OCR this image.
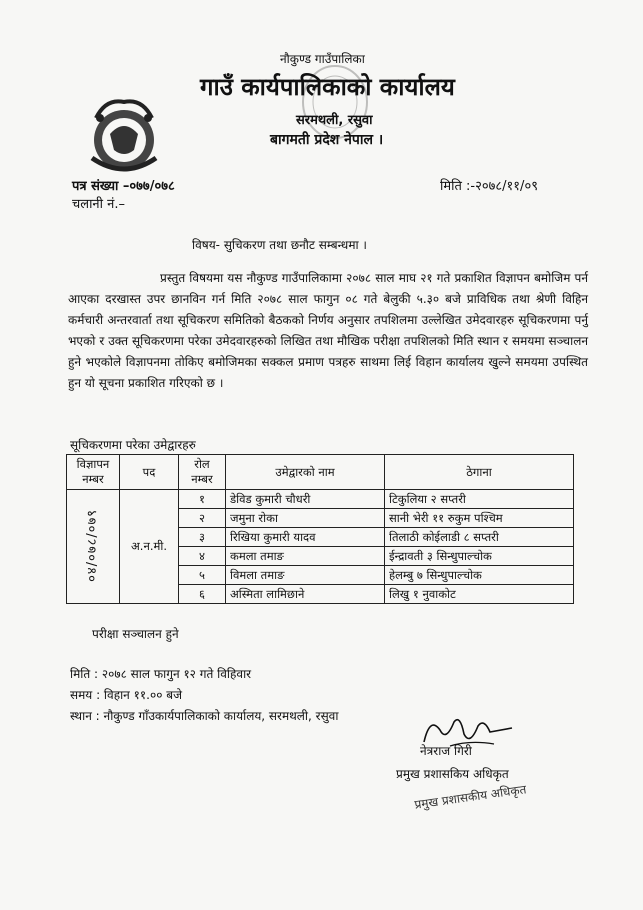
नौकुण्ड गाउँपालिका
गाउँ कार्यपालिकाको कार्यालय
सरमथली, रसुवा
बागमती प्रदेश नेपाल ।
पत्र संख्या –०७७/०७८
चलानी नं.–
मिति :-२०७८/११/०९
विषय- सुचिकरण तथा छनौट सम्बन्धमा ।
प्रस्तुत विषयमा यस नौकुण्ड गाउँपालिकामा २०७८ साल माघ २१ गते प्रकाशित विज्ञापन बमोजिम पर्न आएका दरखास्त उपर छानविन गर्न मिति २०७८ साल फागुन ०८ गते बेलुकी ५.३० बजे प्राविधिक तथा श्रेणी विहिन कर्मचारी अन्तरवार्ता तथा सूचिकरण समितिको बैठकको निर्णय अनुसार तपशिलमा उल्लेखित उमेदवारहरु सूचिकरणमा पर्नु भएको र उक्त सूचिकरणमा परेका उमेदवारहरुको लिखित तथा मौखिक परीक्षा तपशिलको मिति स्थान र समयमा सञ्चालन हुने भएकोले विज्ञापनमा तोकिए बमोजिमका सक्कल प्रमाण पत्रहरु साथमा लिई विहान कार्यालय खुल्ने समयमा उपस्थित हुन यो सूचना प्रकाशित गरिएको छ ।
सूचिकरणमा परेका उमेद्वारहरु
विज्ञापन नम्बर	पद	रोल नम्बर	उमेद्वारको नाम	ठेगाना
०४/०७८/०७९	अ.न.मी.	१	डेविड कुमारी चौधरी	टिकुलिया २ सप्तरी
		२	जमुना रोका	सानी भेरी ११ रुकुम पश्चिम
		३	रिखिया कुमारी यादव	तिलाठी कोईलाडी ८ सप्तरी
		४	कमला तमाङ	ईन्द्रावती ३ सिन्धुपाल्चोक
		५	विमला तमाङ	हेलम्बु ७ सिन्धुपाल्चोक
		६	अस्मिता लामिछाने	लिखु १ नुवाकोट
परीक्षा सञ्चालन हुने
मिति : २०७८ साल फागुन १२ गते विहिवार
समय : विहान ११.०० बजे
स्थान : नौकुण्ड गाँउकार्यपालिकाको कार्यालय, सरमथली, रसुवा
नेत्रराज गिरी
प्रमुख प्रशासकिय अधिकृत
प्रमुख प्रशासकीय अधिकृत
